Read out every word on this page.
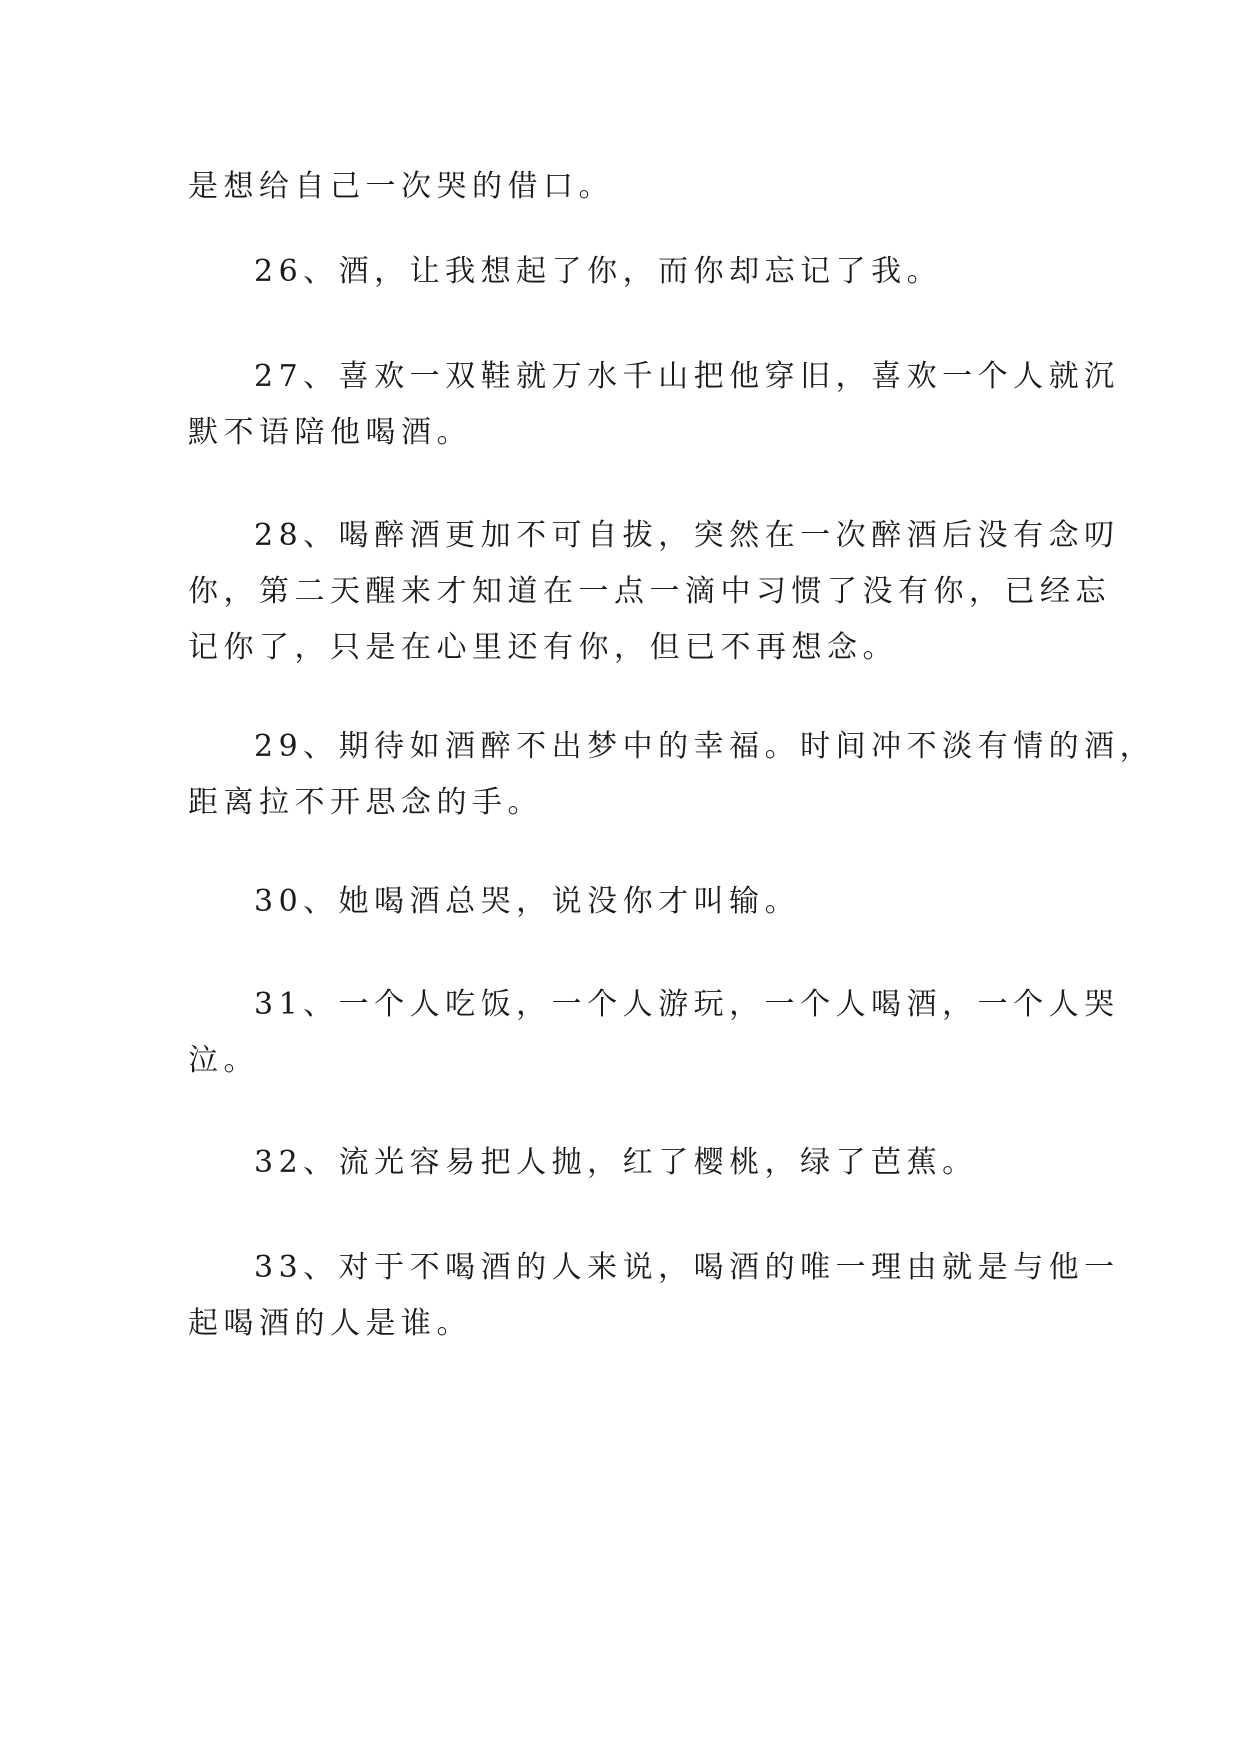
是想给自己一次哭的借口。
26、酒，让我想起了你，而你却忘记了我。
27、喜欢一双鞋就万水千山把他穿旧，喜欢一个人就沉
默不语陪他喝酒。
28、喝醉酒更加不可自拔，突然在一次醉酒后没有念叨
你，第二天醒来才知道在一点一滴中习惯了没有你，已经忘
记你了，只是在心里还有你，但已不再想念。
29、期待如酒醉不出梦中的幸福。时间冲不淡有情的酒，
距离拉不开思念的手。
30、她喝酒总哭，说没你才叫输。
31、一个人吃饭，一个人游玩，一个人喝酒，一个人哭
泣。
32、流光容易把人抛，红了樱桃，绿了芭蕉。
33、对于不喝酒的人来说，喝酒的唯一理由就是与他一
起喝酒的人是谁。
